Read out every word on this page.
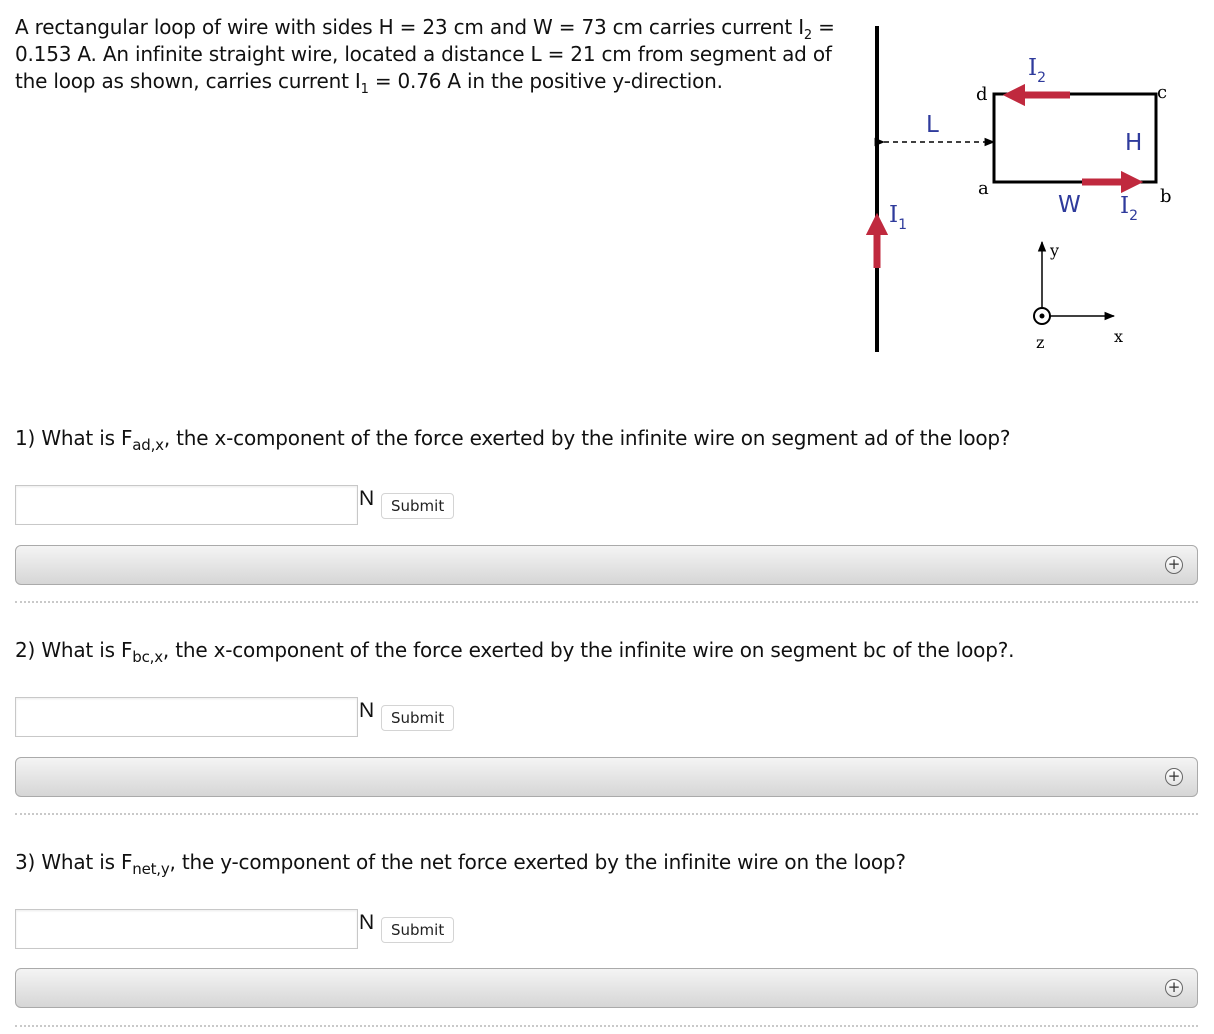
A rectangular loop of wire with sides H = 23 cm and W = 73 cm carries current $I_2 = 0.153$ A. An infinite straight wire, located a distance L = 21 cm from segment ad of the loop as shown, carries current $I_1 = 0.76$ A in the positive y-direction.
$I_1$
L
d
a
c
b
$I_2$
W $I_2$
H
y
x
z
1) What is $F_{ad,x}$, the x-component of the force exerted by the infinite wire on segment ad of the loop?
N	Submit
+
2) What is $F_{bc,x}$, the x-component of the force exerted by the infinite wire on segment bc of the loop?.
N	Submit
+
3) What is $F_{net,y}$, the y-component of the net force exerted by the infinite wire on the loop?
N	Submit
+
